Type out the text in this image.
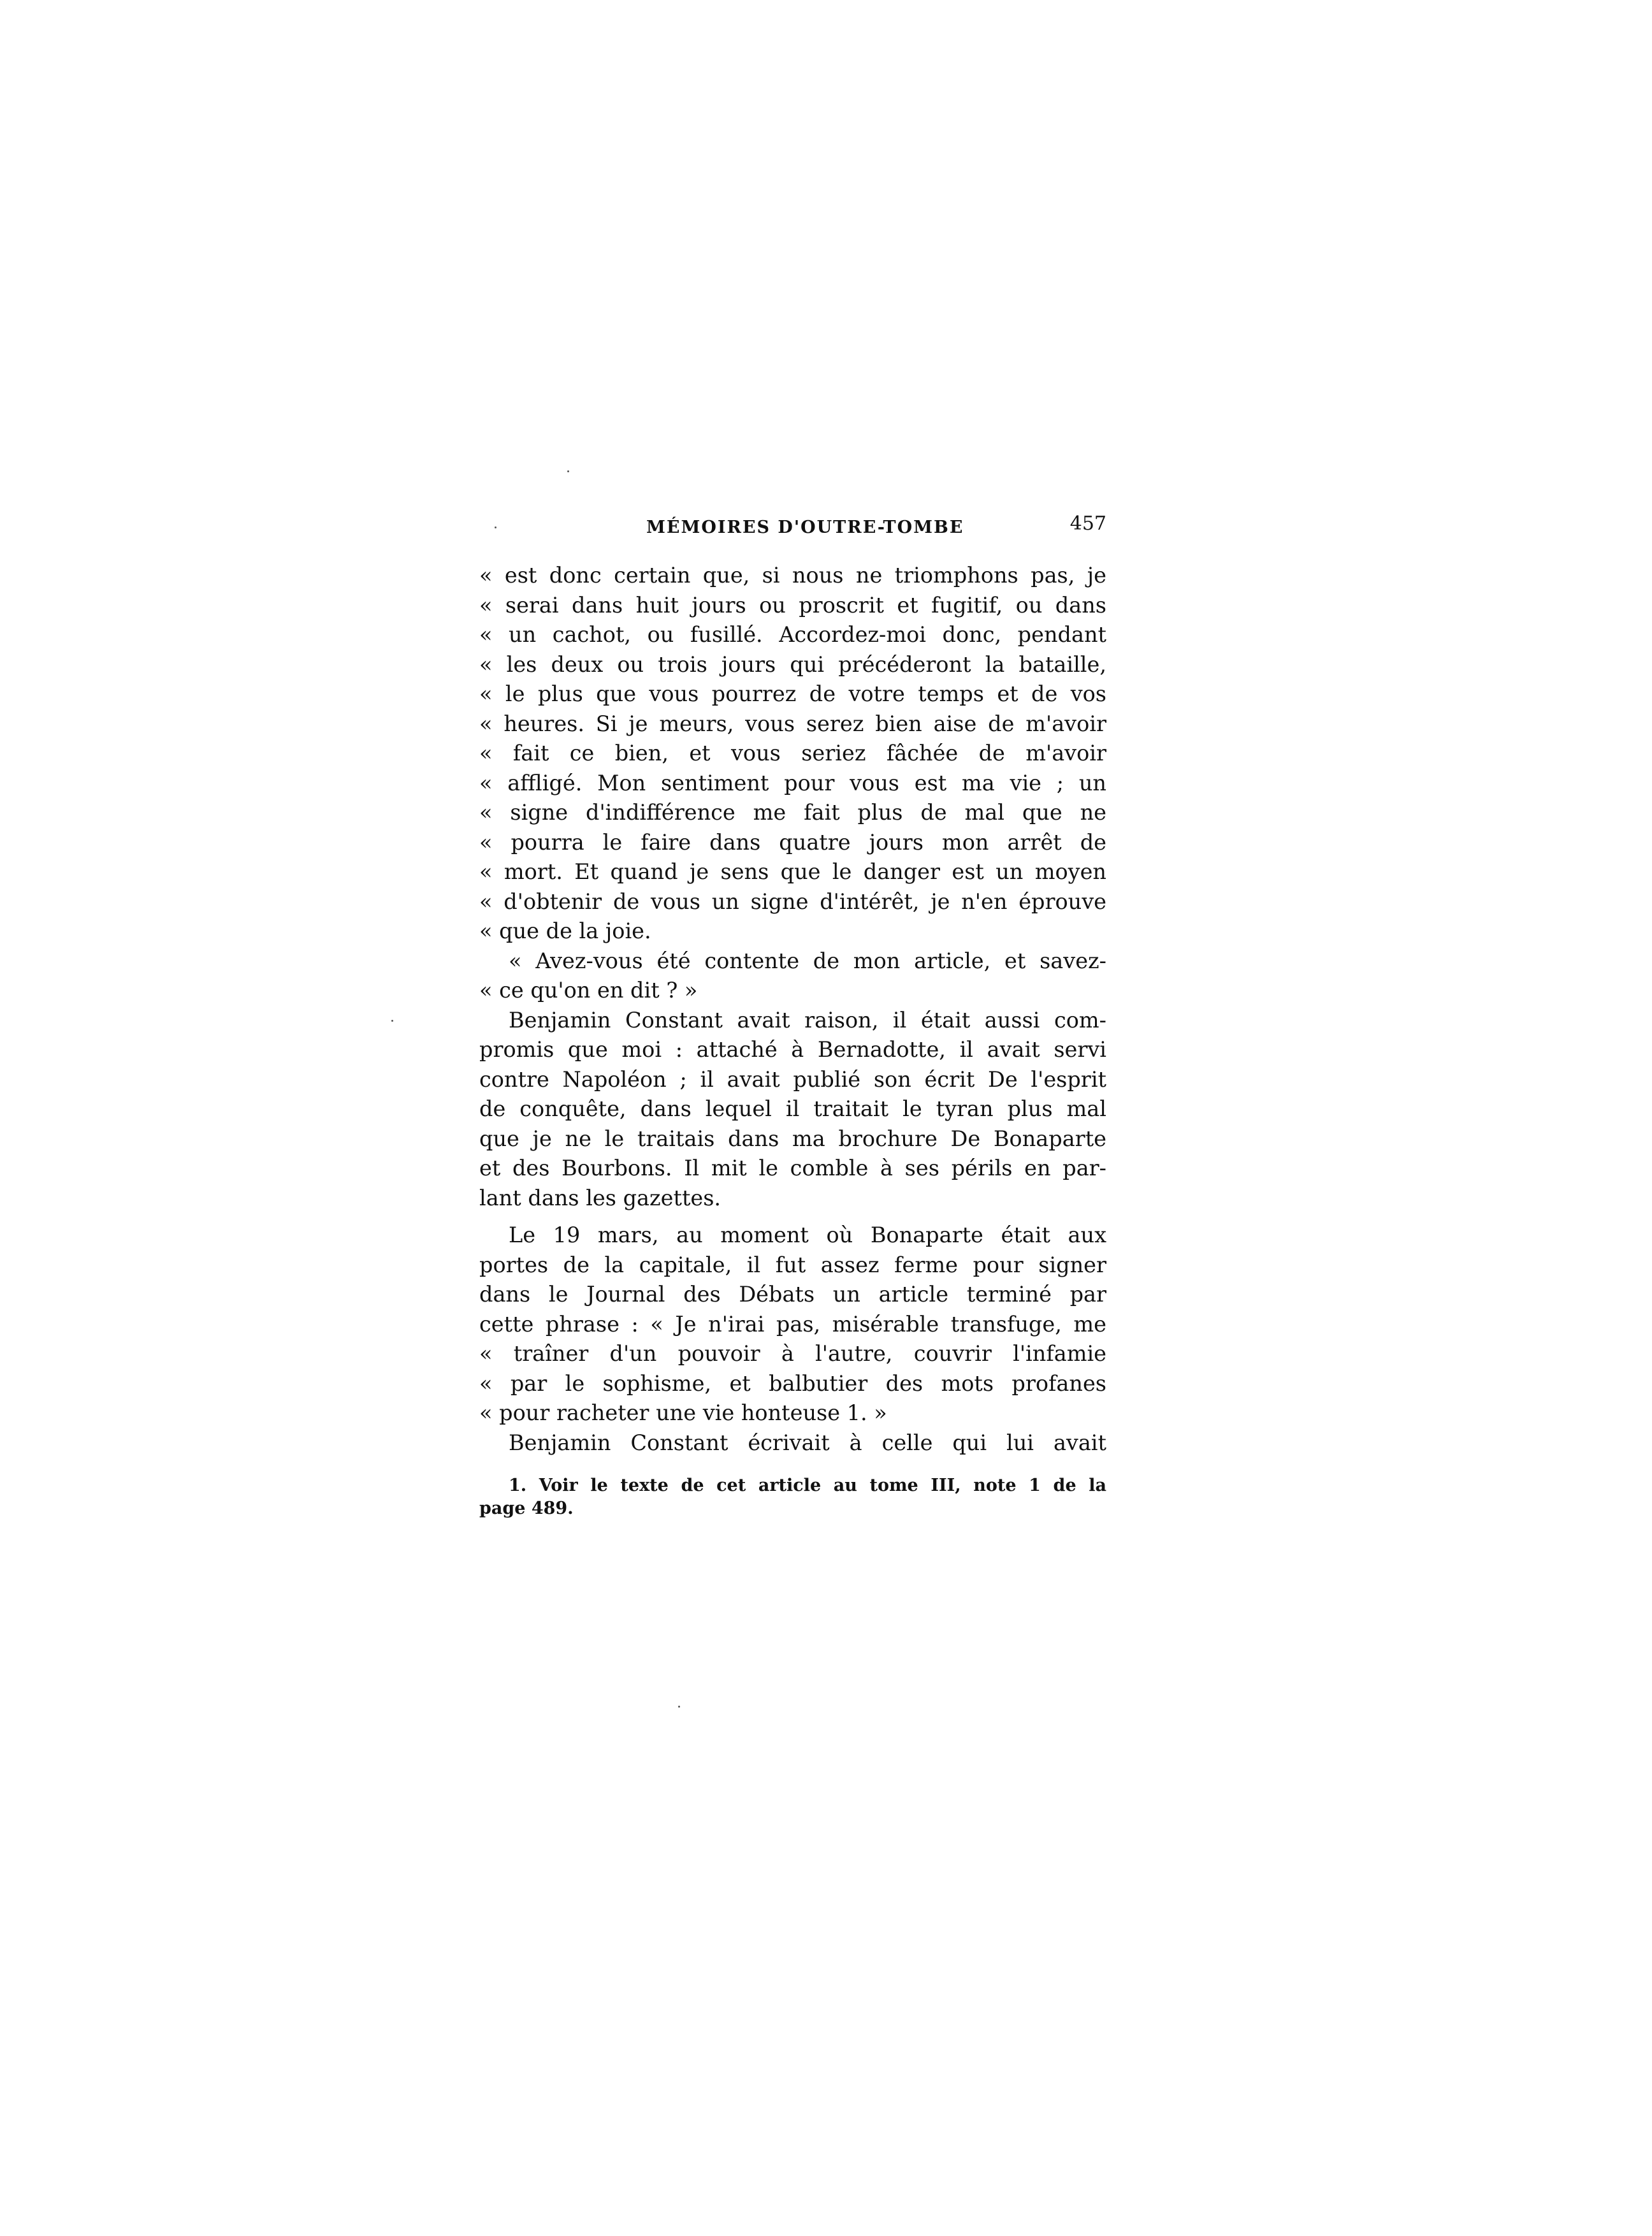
MÉMOIRES D'OUTRE-TOMBE	457
« est donc certain que, si nous ne triomphons pas, je
« serai dans huit jours ou proscrit et fugitif, ou dans
« un cachot, ou fusillé. Accordez-moi donc, pendant
« les deux ou trois jours qui précéderont la bataille,
« le plus que vous pourrez de votre temps et de vos
« heures. Si je meurs, vous serez bien aise de m'avoir
« fait ce bien, et vous seriez fâchée de m'avoir
« affligé. Mon sentiment pour vous est ma vie ; un
« signe d'indifférence me fait plus de mal que ne
« pourra le faire dans quatre jours mon arrêt de
« mort. Et quand je sens que le danger est un moyen
« d'obtenir de vous un signe d'intérêt, je n'en éprouve
« que de la joie.
« Avez-vous été contente de mon article, et savez-
« ce qu'on en dit ? »
Benjamin Constant avait raison, il était aussi com-
promis que moi : attaché à Bernadotte, il avait servi
contre Napoléon ; il avait publié son écrit De l'esprit
de conquête, dans lequel il traitait le tyran plus mal
que je ne le traitais dans ma brochure De Bonaparte
et des Bourbons. Il mit le comble à ses périls en par-
lant dans les gazettes.
Le 19 mars, au moment où Bonaparte était aux
portes de la capitale, il fut assez ferme pour signer
dans le Journal des Débats un article terminé par
cette phrase : « Je n'irai pas, misérable transfuge, me
« traîner d'un pouvoir à l'autre, couvrir l'infamie
« par le sophisme, et balbutier des mots profanes
« pour racheter une vie honteuse 1. »
Benjamin Constant écrivait à celle qui lui avait
1. Voir le texte de cet article au tome III, note 1 de la
page 489.
